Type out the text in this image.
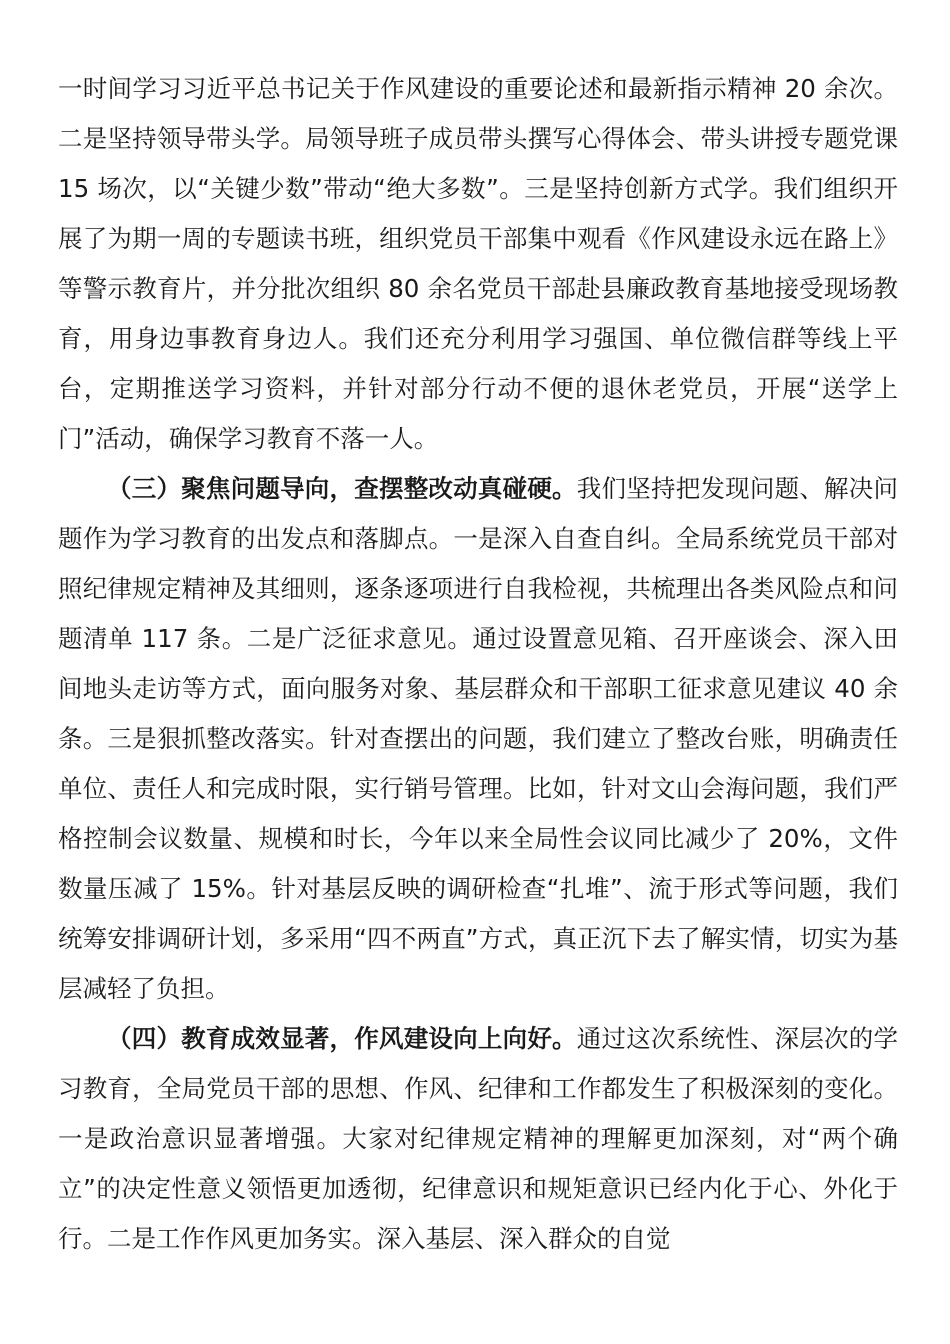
一时间学习习近平总书记关于作风建设的重要论述和最新指示精神 20 余次。二是坚持领导带头学。局领导班子成员带头撰写心得体会、带头讲授专题党课 15 场次，以“关键少数”带动“绝大多数”。三是坚持创新方式学。我们组织开展了为期一周的专题读书班，组织党员干部集中观看《作风建设永远在路上》等警示教育片，并分批次组织 80 余名党员干部赴县廉政教育基地接受现场教育，用身边事教育身边人。我们还充分利用学习强国、单位微信群等线上平台，定期推送学习资料，并针对部分行动不便的退休老党员，开展“送学上门”活动，确保学习教育不落一人。

（三）聚焦问题导向，查摆整改动真碰硬。我们坚持把发现问题、解决问题作为学习教育的出发点和落脚点。一是深入自查自纠。全局系统党员干部对照纪律规定精神及其细则，逐条逐项进行自我检视，共梳理出各类风险点和问题清单 117 条。二是广泛征求意见。通过设置意见箱、召开座谈会、深入田间地头走访等方式，面向服务对象、基层群众和干部职工征求意见建议 40 余条。三是狠抓整改落实。针对查摆出的问题，我们建立了整改台账，明确责任单位、责任人和完成时限，实行销号管理。比如，针对文山会海问题，我们严格控制会议数量、规模和时长，今年以来全局性会议同比减少了 20%，文件数量压减了 15%。针对基层反映的调研检查“扎堆”、流于形式等问题，我们统筹安排调研计划，多采用“四不两直”方式，真正沉下去了解实情，切实为基层减轻了负担。

（四）教育成效显著，作风建设向上向好。通过这次系统性、深层次的学习教育，全局党员干部的思想、作风、纪律和工作都发生了积极深刻的变化。一是政治意识显著增强。大家对纪律规定精神的理解更加深刻，对“两个确立”的决定性意义领悟更加透彻，纪律意识和规矩意识已经内化于心、外化于行。二是工作作风更加务实。深入基层、深入群众的自觉
